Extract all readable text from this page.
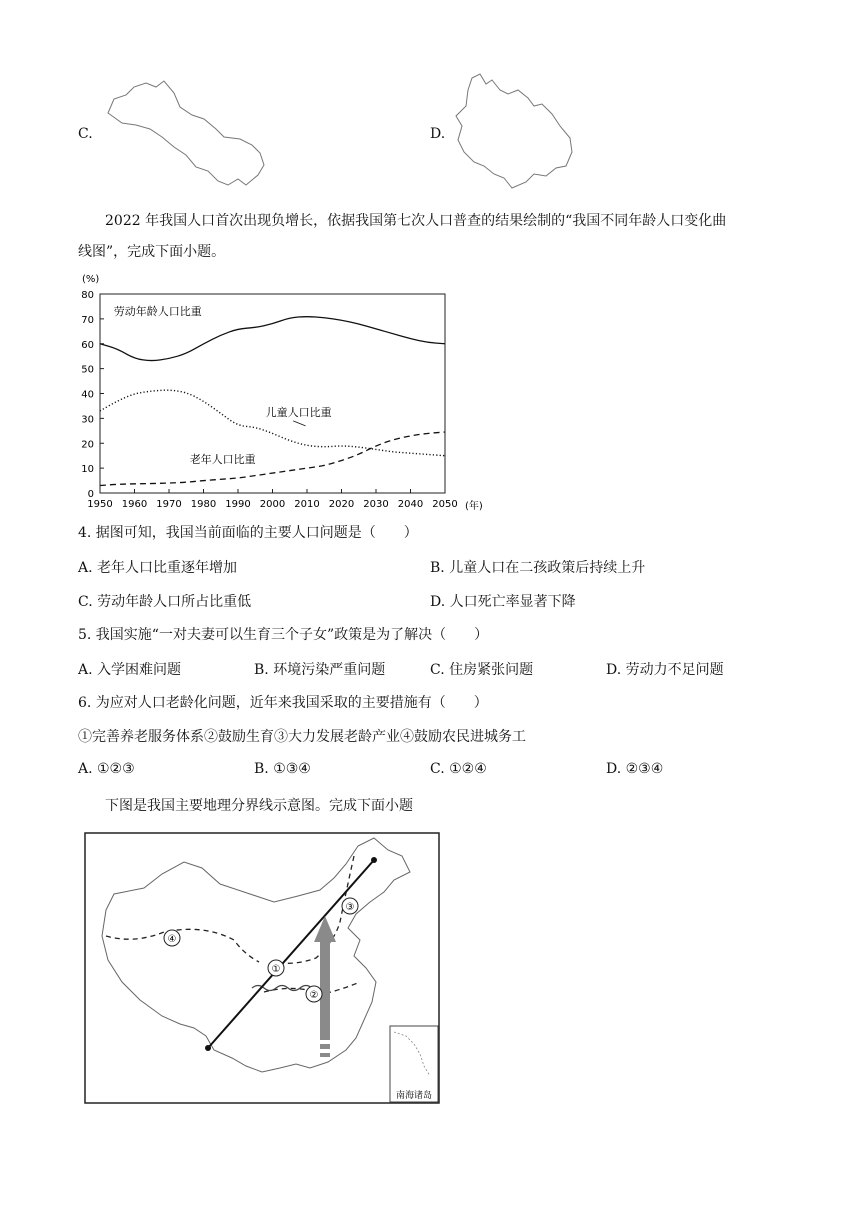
C.	D.
2022 年我国人口首次出现负增长，依据我国第七次人口普查的结果绘制的“我国不同年龄人口变化曲
线图”，完成下面小题。
(%)
(年)
1950 1960 1970 1980 1990 2000 2010 2020 2030 2040 2050
0
10
20
30
40
50
60
70
80
劳动年龄人口比重
儿童人口比重
老年人口比重
4. 据图可知，我国当前面临的主要人口问题是（　　）
A. 老年人口比重逐年增加	B. 儿童人口在二孩政策后持续上升
C. 劳动年龄人口所占比重低	D. 人口死亡率显著下降
5. 我国实施“一对夫妻可以生育三个子女”政策是为了解决（　　）
A. 入学困难问题	B. 环境污染严重问题	C. 住房紧张问题	D. 劳动力不足问题
6. 为应对人口老龄化问题，近年来我国采取的主要措施有（　　）
①完善养老服务体系②鼓励生育③大力发展老龄产业④鼓励农民进城务工
A. ①②③	B. ①③④	C. ①②④	D. ②③④
下图是我国主要地理分界线示意图。完成下面小题
④
③
①
②
南海诸岛
